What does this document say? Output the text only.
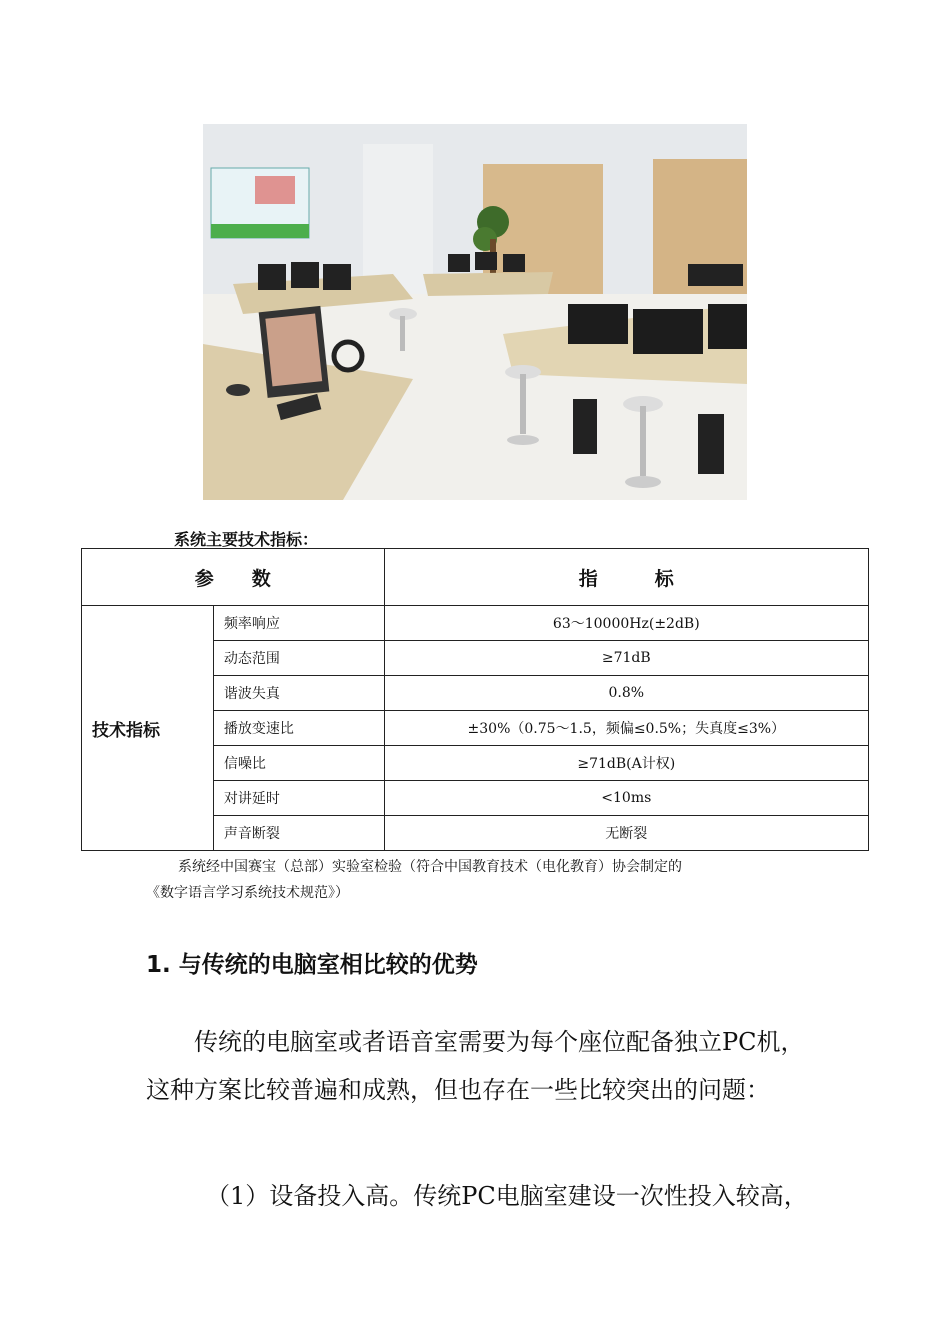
系统主要技术指标：
参　　数		指　　　标
技术指标	频率响应	63～10000Hz(±2dB)
	动态范围	≥71dB
	谐波失真	0.8%
	播放变速比	±30%（0.75～1.5，频偏≤0.5%；失真度≤3%）
	信噪比	≥71dB(A计权)
	对讲延时	<10ms
	声音断裂	无断裂
系统经中国赛宝（总部）实验室检验（符合中国教育技术（电化教育）协会制定的
《数字语言学习系统技术规范》）
1. 与传统的电脑室相比较的优势
传统的电脑室或者语音室需要为每个座位配备独立PC机，这种方案比较普遍和成熟，但也存在一些比较突出的问题：
（1）设备投入高。传统PC电脑室建设一次性投入较高，
